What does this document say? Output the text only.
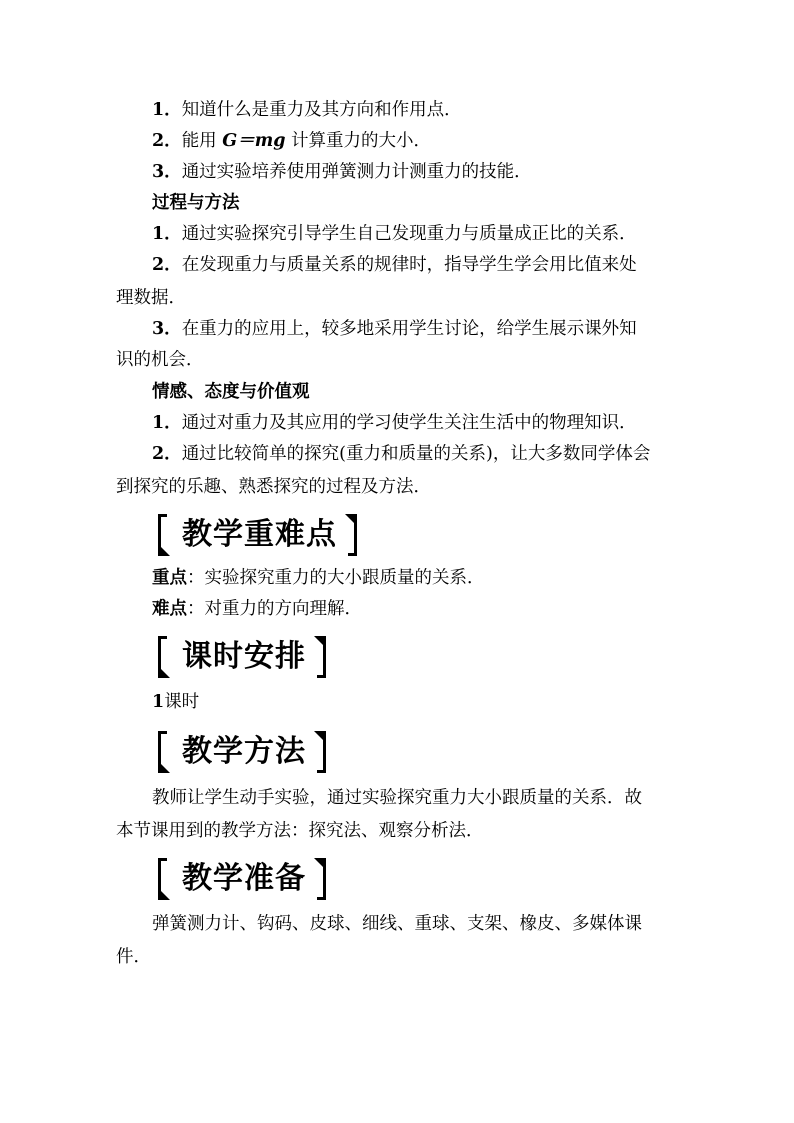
1．知道什么是重力及其方向和作用点．
2．能用 G＝mg 计算重力的大小．
3．通过实验培养使用弹簧测力计测重力的技能．
过程与方法
1．通过实验探究引导学生自己发现重力与质量成正比的关系．
2．在发现重力与质量关系的规律时，指导学生学会用比值来处
理数据．
3．在重力的应用上，较多地采用学生讨论，给学生展示课外知
识的机会．
情感、态度与价值观
1．通过对重力及其应用的学习使学生关注生活中的物理知识．
2．通过比较简单的探究(重力和质量的关系)，让大多数同学体会
到探究的乐趣、熟悉探究的过程及方法．
教学重难点
重点：实验探究重力的大小跟质量的关系．
难点：对重力的方向理解．
课时安排
1课时
教学方法
教师让学生动手实验，通过实验探究重力大小跟质量的关系．故
本节课用到的教学方法：探究法、观察分析法．
教学准备
弹簧测力计、钩码、皮球、细线、重球、支架、橡皮、多媒体课
件．
